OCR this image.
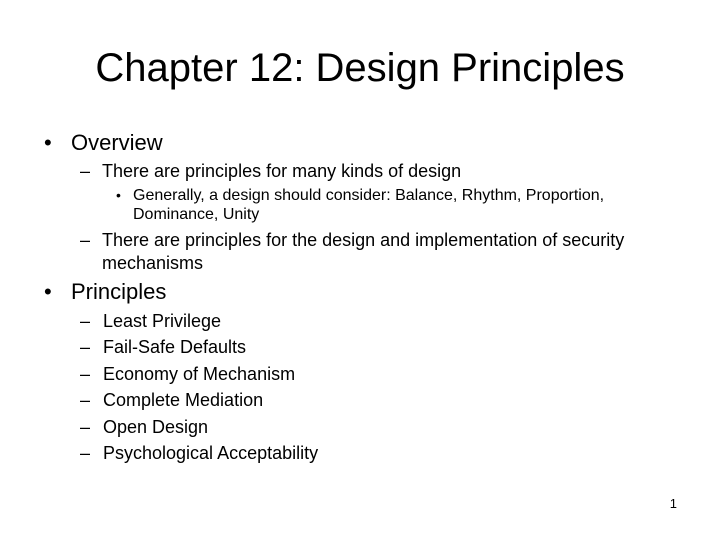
Chapter 12: Design Principles
• Overview
– There are principles for many kinds of design
• Generally, a design should consider: Balance, Rhythm, Proportion, Dominance, Unity
– There are principles for the design and implementation of security mechanisms
• Principles
– Least Privilege
– Fail-Safe Defaults
– Economy of Mechanism
– Complete Mediation
– Open Design
– Psychological Acceptability
1
